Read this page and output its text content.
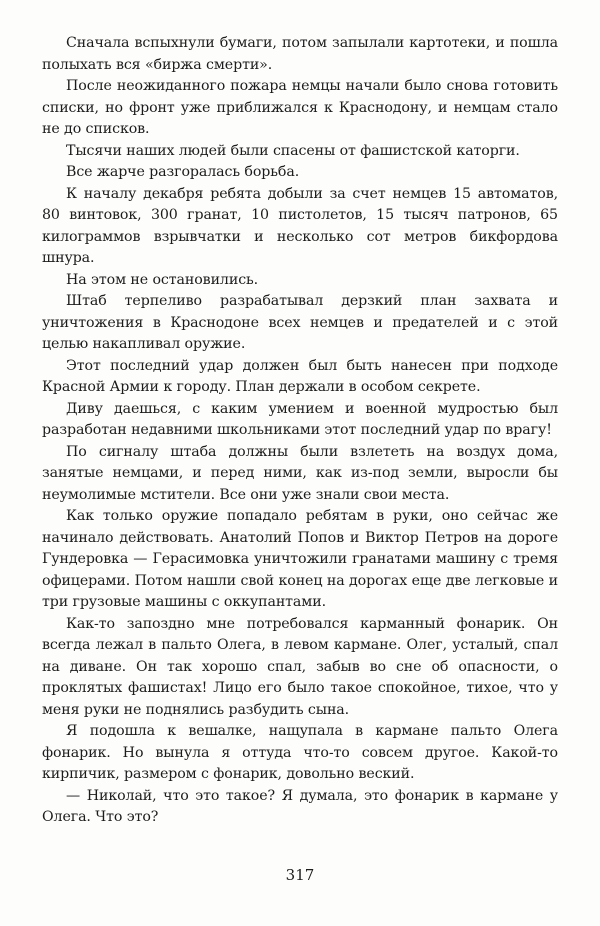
Сначала вспыхнули бумаги, потом запылали картотеки, и пошла полыхать вся «биржа смерти».

После неожиданного пожара немцы начали было снова готовить списки, но фронт уже приближался к Краснодону, и немцам стало не до списков.

Тысячи наших людей были спасены от фашистской каторги.

Все жарче разгоралась борьба.

К началу декабря ребята добыли за счет немцев 15 автоматов, 80 винтовок, 300 гранат, 10 пистолетов, 15 тысяч патронов, 65 килограммов взрывчатки и несколько сот метров бикфордова шнура.

На этом не остановились.

Штаб терпеливо разрабатывал дерзкий план захвата и уничтожения в Краснодоне всех немцев и предателей и с этой целью накапливал оружие.

Этот последний удар должен был быть нанесен при подходе Красной Армии к городу. План держали в особом секрете.

Диву даешься, с каким умением и военной мудростью был разработан недавними школьниками этот последний удар по врагу!

По сигналу штаба должны были взлететь на воздух дома, занятые немцами, и перед ними, как из-под земли, выросли бы неумолимые мстители. Все они уже знали свои места.

Как только оружие попадало ребятам в руки, оно сейчас же начинало действовать. Анатолий Попов и Виктор Петров на дороге Гундеровка — Герасимовка уничтожили гранатами машину с тремя офицерами. Потом нашли свой конец на дорогах еще две легковые и три грузовые машины с оккупантами.

Как-то запоздно мне потребовался карманный фонарик. Он всегда лежал в пальто Олега, в левом кармане. Олег, усталый, спал на диване. Он так хорошо спал, забыв во сне об опасности, о проклятых фашистах! Лицо его было такое спокойное, тихое, что у меня руки не поднялись разбудить сына.

Я подошла к вешалке, нащупала в кармане пальто Олега фонарик. Но вынула я оттуда что-то совсем другое. Какой-то кирпичик, размером с фонарик, довольно веский.

— Николай, что это такое? Я думала, это фонарик в кармане у Олега. Что это?

317
